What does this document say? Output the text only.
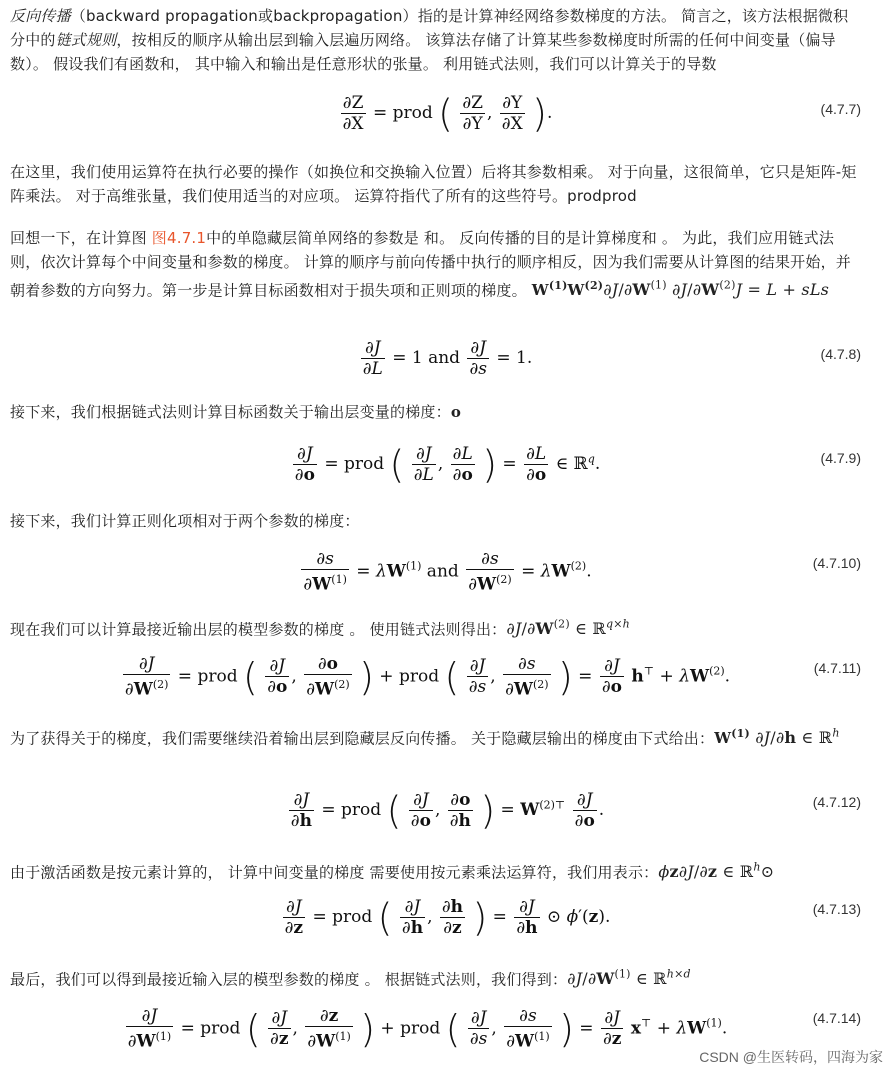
反向传播（backward propagation或backpropagation）指的是计算神经网络参数梯度的方法。 简言之，该方法根据微积分中的链式规则，按相反的顺序从输出层到输入层遍历网络。 该算法存储了计算某些参数梯度时所需的任何中间变量（偏导数）。 假设我们有函数和， 其中输入和输出是任意形状的张量。 利用链式法则，我们可以计算关于的导数

$\frac{\partial Z}{\partial X}$ = prod ( $\frac{\partial Z}{\partial Y}$ , $\frac{\partial Y}{\partial X}$ ).	(4.7.7)

在这里，我们使用运算符在执行必要的操作（如换位和交换输入位置）后将其参数相乘。 对于向量，这很简单，它只是矩阵-矩阵乘法。 对于高维张量，我们使用适当的对应项。 运算符指代了所有的这些符号。prodprod

回想一下，在计算图 图4.7.1中的单隐藏层简单网络的参数是 和。 反向传播的目的是计算梯度和 。 为此，我们应用链式法则，依次计算每个中间变量和参数的梯度。 计算的顺序与前向传播中执行的顺序相反，因为我们需要从计算图的结果开始，并朝着参数的方向努力。第一步是计算目标函数相对于损失项和正则项的梯度。 $W^{(1)}W^{(2)}\partial J/\partial W^{(1)}$ $\partial J/\partial W^{(2)}J = L$ + sLs

$\frac{\partial J}{\partial L} = 1$ and $\frac{\partial J}{\partial s} = 1$.	(4.7.8)

接下来，我们根据链式法则计算目标函数关于输出层变量的梯度：o

$\frac{\partial J}{\partial o}$ = prod ( $\frac{\partial J}{\partial L}$ , $\frac{\partial L}{\partial o}$ ) = $\frac{\partial L}{\partial o}$ ∈ ℝ$^q$.	(4.7.9)

接下来，我们计算正则化项相对于两个参数的梯度：

$\frac{\partial s}{\partial W^{(1)}} = \lambda W^{(1)}$ and $\frac{\partial s}{\partial W^{(2)}} = \lambda W^{(2)}$.	(4.7.10)

现在我们可以计算最接近输出层的模型参数的梯度 。 使用链式法则得出：$\partial J/\partial W^{(2)}$ ∈ ℝ$^{q\times h}$

$\frac{\partial J}{\partial W^{(2)}}$ = prod ( $\frac{\partial J}{\partial o}$ , $\frac{\partial o}{\partial W^{(2)}}$ ) + prod ( $\frac{\partial J}{\partial s}$ , $\frac{\partial s}{\partial W^{(2)}}$ ) = $\frac{\partial J}{\partial o} h^⊤ + \lambda W^{(2)}$.	(4.7.11)

为了获得关于的梯度，我们需要继续沿着输出层到隐藏层反向传播。 关于隐藏层输出的梯度由下式给出：$W^{(1)}$ ∂J/∂h ∈ ℝ$^h$

$\frac{\partial J}{\partial h}$ = prod ( $\frac{\partial J}{\partial o}$ , $\frac{\partial o}{\partial h}$ ) = $W^{(2)⊤} \frac{\partial J}{\partial o}$ .	(4.7.12)

由于激活函数是按元素计算的， 计算中间变量的梯度 需要使用按元素乘法运算符，我们用表示：ϕz∂J/∂z ∈ ℝ$^h$⊙

$\frac{\partial J}{\partial z}$ = prod ( $\frac{\partial J}{\partial h}$ , $\frac{\partial h}{\partial z}$ ) = $\frac{\partial J}{\partial h}$ ⊙ ϕ′(z).	(4.7.13)

最后，我们可以得到最接近输入层的模型参数的梯度 。 根据链式法则，我们得到：$\partial J/\partial W^{(1)}$ ∈ ℝ$^{h\times d}$

$\frac{\partial J}{\partial W^{(1)}}$ = prod ( $\frac{\partial J}{\partial z}$ , $\frac{\partial z}{\partial W^{(1)}}$ ) + prod ( $\frac{\partial J}{\partial s}$ , $\frac{\partial s}{\partial W^{(1)}}$ ) = $\frac{\partial J}{\partial z} x^⊤ + \lambda W^{(1)}$.
(4.7.14)
CSDN @生医转码，四海为家
